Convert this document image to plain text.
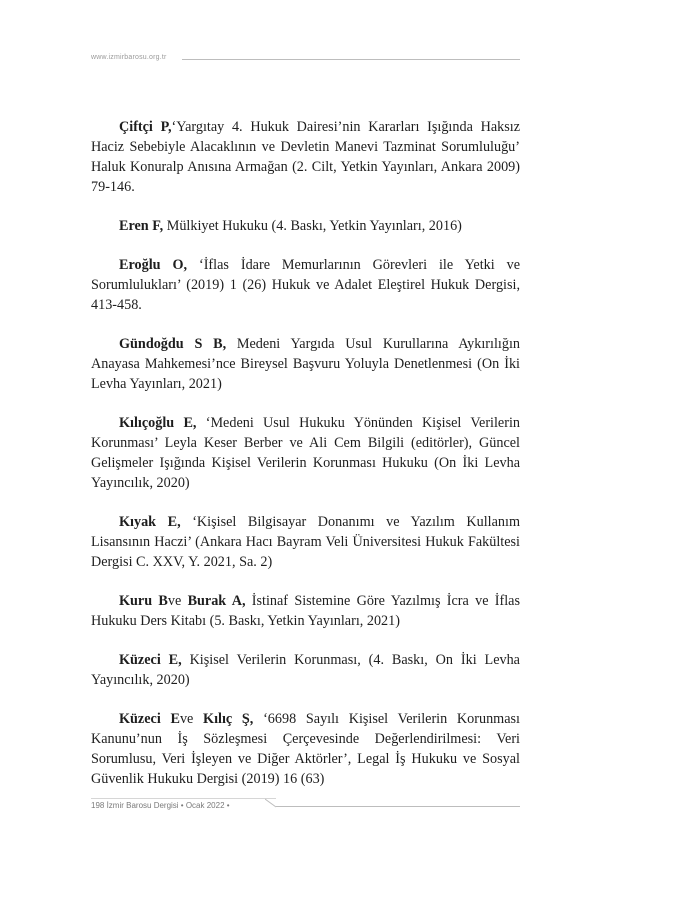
www.izmirbarosu.org.tr

Çiftçi P,‘Yargıtay 4. Hukuk Dairesi’nin Kararları Işığında Haksız Haciz Sebebiyle Alacaklının ve Devletin Manevi Tazminat Sorumluluğu’ Haluk Konuralp Anısına Armağan (2. Cilt, Yetkin Yayınları, Ankara 2009) 79-146.

Eren F, Mülkiyet Hukuku (4. Baskı, Yetkin Yayınları, 2016)

Eroğlu O, ‘İflas İdare Memurlarının Görevleri ile Yetki ve Sorumlulukları’ (2019) 1 (26) Hukuk ve Adalet Eleştirel Hukuk Dergisi, 413-458.

Gündoğdu S B, Medeni Yargıda Usul Kurullarına Aykırılığın Anayasa Mahkemesi’nce Bireysel Başvuru Yoluyla Denetlenmesi (On İki Levha Yayınları, 2021)

Kılıçoğlu E, ‘Medeni Usul Hukuku Yönünden Kişisel Verilerin Korunması’ Leyla Keser Berber ve Ali Cem Bilgili (editörler), Güncel Gelişmeler Işığında Kişisel Verilerin Korunması Hukuku (On İki Levha Yayıncılık, 2020)

Kıyak E, ‘Kişisel Bilgisayar Donanımı ve Yazılım Kullanım Lisansının Haczi’ (Ankara Hacı Bayram Veli Üniversitesi Hukuk Fakültesi Dergisi C. XXV, Y. 2021, Sa. 2)

Kuru Bve Burak A, İstinaf Sistemine Göre Yazılmış İcra ve İflas Hukuku Ders Kitabı (5. Baskı, Yetkin Yayınları, 2021)

Küzeci E, Kişisel Verilerin Korunması, (4. Baskı, On İki Levha Yayıncılık, 2020)

Küzeci Eve Kılıç Ş, ‘6698 Sayılı Kişisel Verilerin Korunması Kanunu’nun İş Sözleşmesi Çerçevesinde Değerlendirilmesi: Veri Sorumlusu, Veri İşleyen ve Diğer Aktörler’, Legal İş Hukuku ve Sosyal Güvenlik Hukuku Dergisi (2019) 16 (63)

198 İzmir Barosu Dergisi • Ocak 2022 •
